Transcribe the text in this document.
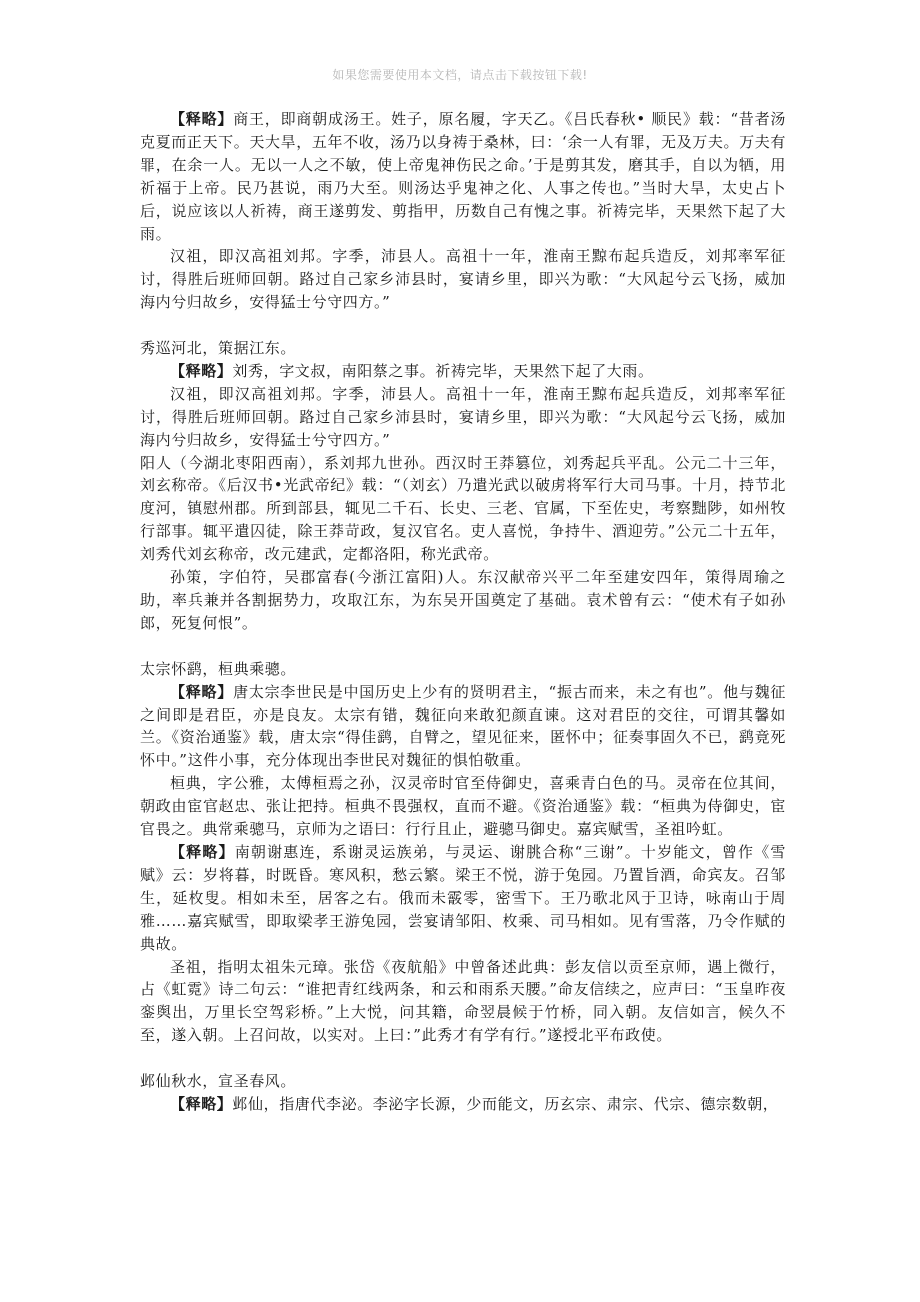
如果您需要使用本文档，请点击下载按钮下载!

【释略】商王，即商朝成汤王。姓子，原名履，字天乙。《吕氏春秋• 顺民》载：“昔者汤克夏而正天下。天大旱，五年不收，汤乃以身祷于桑林，曰：‘余一人有罪，无及万夫。万夫有罪，在余一人。无以一人之不敏，使上帝鬼神伤民之命。’于是剪其发，磨其手，自以为牺，用祈福于上帝。民乃甚说，雨乃大至。则汤达乎鬼神之化、人事之传也。”当时大旱，太史占卜后，说应该以人祈祷，商王遂剪发、剪指甲，历数自己有愧之事。祈祷完毕，天果然下起了大雨。

汉祖，即汉高祖刘邦。字季，沛县人。高祖十一年，淮南王黥布起兵造反，刘邦率军征讨，得胜后班师回朝。路过自己家乡沛县时，宴请乡里，即兴为歌：“大风起兮云飞扬，威加海内兮归故乡，安得猛士兮守四方。”

秀巡河北，策据江东。

【释略】刘秀，字文叔，南阳蔡之事。祈祷完毕，天果然下起了大雨。

汉祖，即汉高祖刘邦。字季，沛县人。高祖十一年，淮南王黥布起兵造反，刘邦率军征讨，得胜后班师回朝。路过自己家乡沛县时，宴请乡里，即兴为歌：“大风起兮云飞扬，威加海内兮归故乡，安得猛士兮守四方。”

阳人（今湖北枣阳西南），系刘邦九世孙。西汉时王莽篡位，刘秀起兵平乱。公元二十三年，刘玄称帝。《后汉书•光武帝纪》载：“（刘玄）乃遣光武以破虏将军行大司马事。十月，持节北度河，镇慰州郡。所到部县，辄见二千石、长史、三老、官属，下至佐史，考察黜陟，如州牧行部事。辄平遣囚徒，除王莽苛政，复汉官名。吏人喜悦，争持牛、酒迎劳。”公元二十五年，刘秀代刘玄称帝，改元建武，定都洛阳，称光武帝。

孙策，字伯符，吴郡富春(今浙江富阳)人。东汉献帝兴平二年至建安四年，策得周瑜之助，率兵兼并各割据势力，攻取江东，为东吴开国奠定了基础。袁术曾有云：“使术有子如孙郎，死复何恨”。

太宗怀鹞，桓典乘骢。

【释略】唐太宗李世民是中国历史上少有的贤明君主，“振古而来，未之有也”。他与魏征之间即是君臣，亦是良友。太宗有错，魏征向来敢犯颜直谏。这对君臣的交往，可谓其馨如兰。《资治通鉴》载，唐太宗“得佳鹞，自臂之，望见征来，匿怀中；征奏事固久不已，鹞竟死怀中。”这件小事，充分体现出李世民对魏征的惧怕敬重。

桓典，字公雅，太傅桓焉之孙，汉灵帝时官至侍御史，喜乘青白色的马。灵帝在位其间，朝政由宦官赵忠、张让把持。桓典不畏强权，直而不避。《资治通鉴》载：“桓典为侍御史，宦官畏之。典常乘骢马，京师为之语曰：行行且止，避骢马御史。嘉宾赋雪，圣祖吟虹。

【释略】南朝谢惠连，系谢灵运族弟，与灵运、谢朓合称“三谢”。十岁能文，曾作《雪赋》云：岁将暮，时既昏。寒风积，愁云繁。梁王不悦，游于兔园。乃置旨酒，命宾友。召邹生，延枚叟。相如未至，居客之右。俄而未霰零，密雪下。王乃歌北风于卫诗，咏南山于周雅……嘉宾赋雪，即取梁孝王游兔园，尝宴请邹阳、枚乘、司马相如。见有雪落，乃令作赋的典故。

圣祖，指明太祖朱元璋。张岱《夜航船》中曾备述此典：彭友信以贡至京师，遇上微行，占《虹霓》诗二句云：“谁把青红线两条，和云和雨系天腰。”命友信续之，应声曰：“玉皇昨夜銮舆出，万里长空驾彩桥。”上大悦，问其籍，命翌晨候于竹桥，同入朝。友信如言，候久不至，遂入朝。上召问故，以实对。上曰：”此秀才有学有行。”遂授北平布政使。

邺仙秋水，宣圣春风。

【释略】邺仙，指唐代李泌。李泌字长源，少而能文，历玄宗、肃宗、代宗、德宗数朝，
